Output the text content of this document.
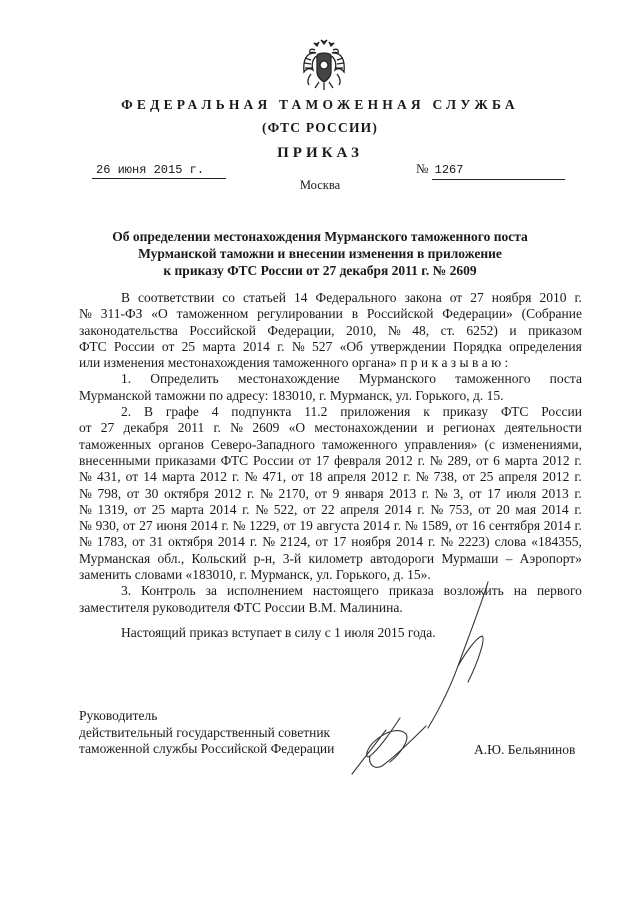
ФЕДЕРАЛЬНАЯ ТАМОЖЕННАЯ СЛУЖБА
(ФТС РОССИИ)
ПРИКАЗ
26 июня 2015 г.	№ 1267
Москва
Об определении местонахождения Мурманского таможенного поста
Мурманской таможни и внесении изменения в приложение
к приказу ФТС России от 27 декабря 2011 г. № 2609
В соответствии со статьей 14 Федерального закона от 27 ноября 2010 г.
№ 311-ФЗ «О таможенном регулировании в Российской Федерации» (Собрание
законодательства Российской Федерации, 2010, № 48, ст. 6252) и приказом
ФТС России от 25 марта 2014 г. № 527 «Об утверждении Порядка определения
или изменения местонахождения таможенного органа» п р и к а з ы в а ю :
1. Определить местонахождение Мурманского таможенного поста
Мурманской таможни по адресу: 183010, г. Мурманск, ул. Горького, д. 15.
2. В графе 4 подпункта 11.2 приложения к приказу ФТС России
от 27 декабря 2011 г. № 2609 «О местонахождении и регионах деятельности
таможенных органов Северо-Западного таможенного управления» (с изменениями,
внесенными приказами ФТС России от 17 февраля 2012 г. № 289, от 6 марта 2012 г.
№ 431, от 14 марта 2012 г. № 471, от 18 апреля 2012 г. № 738, от 25 апреля 2012 г.
№ 798, от 30 октября 2012 г. № 2170, от 9 января 2013 г. № 3, от 17 июля 2013 г.
№ 1319, от 25 марта 2014 г. № 522, от 22 апреля 2014 г. № 753, от 20 мая 2014 г.
№ 930, от 27 июня 2014 г. № 1229, от 19 августа 2014 г. № 1589, от 16 сентября 2014 г.
№ 1783, от 31 октября 2014 г. № 2124, от 17 ноября 2014 г. № 2223) слова «184355,
Мурманская обл., Кольский р-н, 3-й километр автодороги Мурмаши – Аэропорт»
заменить словами «183010, г. Мурманск, ул. Горького, д. 15».
3. Контроль за исполнением настоящего приказа возложить на первого
заместителя руководителя ФТС России В.М. Малинина.
Настоящий приказ вступает в силу с 1 июля 2015 года.
Руководитель
действительный государственный советник
таможенной службы Российской Федерации	А.Ю. Бельянинов
